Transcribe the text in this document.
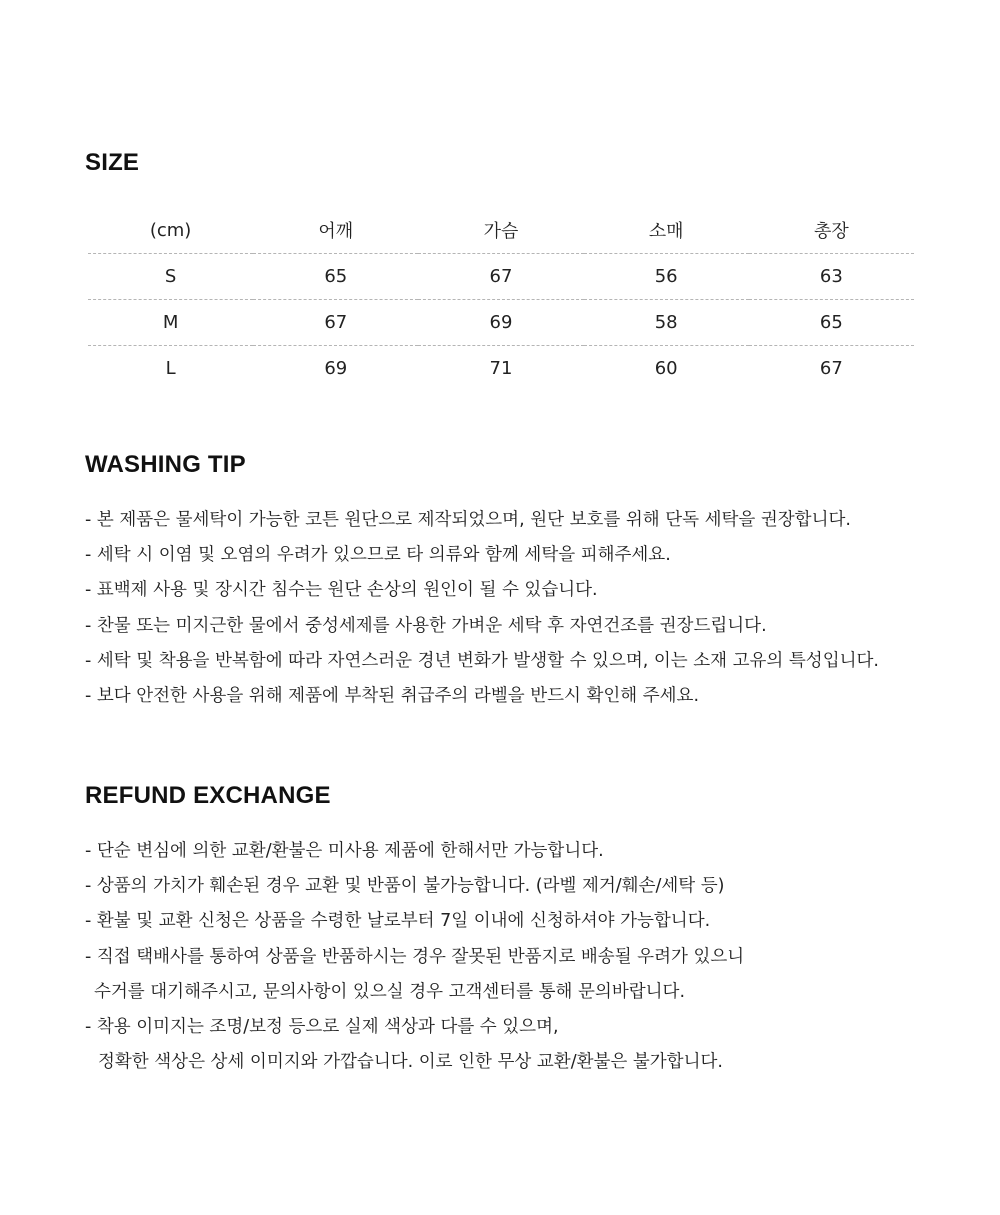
SIZE
(cm)	어깨	가슴	소매	총장
S	65	67	56	63
M	67	69	58	65
L	69	71	60	67
WASHING TIP
- 본 제품은 물세탁이 가능한 코튼 원단으로 제작되었으며, 원단 보호를 위해 단독 세탁을 권장합니다.
- 세탁 시 이염 및 오염의 우려가 있으므로 타 의류와 함께 세탁을 피해주세요.
- 표백제 사용 및 장시간 침수는 원단 손상의 원인이 될 수 있습니다.
- 찬물 또는 미지근한 물에서 중성세제를 사용한 가벼운 세탁 후 자연건조를 권장드립니다.
- 세탁 및 착용을 반복함에 따라 자연스러운 경년 변화가 발생할 수 있으며, 이는 소재 고유의 특성입니다.
- 보다 안전한 사용을 위해 제품에 부착된 취급주의 라벨을 반드시 확인해 주세요.
REFUND EXCHANGE
- 단순 변심에 의한 교환/환불은 미사용 제품에 한해서만 가능합니다.
- 상품의 가치가 훼손된 경우 교환 및 반품이 불가능합니다. (라벨 제거/훼손/세탁 등)
- 환불 및 교환 신청은 상품을 수령한 날로부터 7일 이내에 신청하셔야 가능합니다.
- 직접 택배사를 통하여 상품을 반품하시는 경우 잘못된 반품지로 배송될 우려가 있으니
수거를 대기해주시고, 문의사항이 있으실 경우 고객센터를 통해 문의바랍니다.
- 착용 이미지는 조명/보정 등으로 실제 색상과 다를 수 있으며,
정확한 색상은 상세 이미지와 가깝습니다. 이로 인한 무상 교환/환불은 불가합니다.
